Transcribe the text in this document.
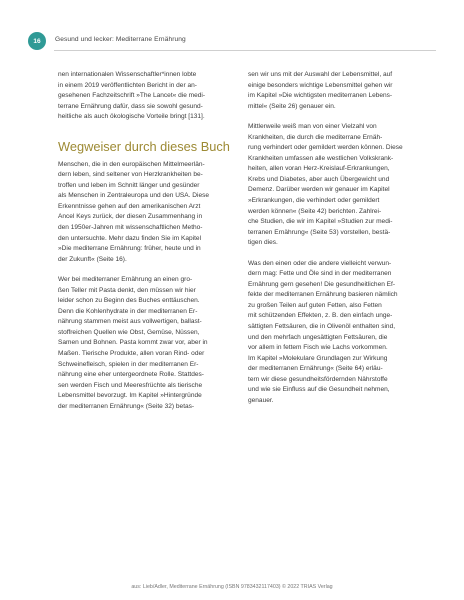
16	Gesund und lecker: Mediterrane Ernährung
nen internationalen Wissenschaftler*innen lobte
in einem 2019 veröffentlichten Bericht in der an-
gesehenen Fachzeitschrift »The Lancet« die medi-
terrane Ernährung dafür, dass sie sowohl gesund-
heitliche als auch ökologische Vorteile bringt [131].
Wegweiser durch dieses Buch
Menschen, die in den europäischen Mittelmeerlän-
dern leben, sind seltener von Herzkrankheiten be-
troffen und leben im Schnitt länger und gesünder
als Menschen in Zentraleuropa und den USA. Diese
Erkenntnisse gehen auf den amerikanischen Arzt
Ancel Keys zurück, der diesen Zusammenhang in
den 1950er-Jahren mit wissenschaftlichen Metho-
den untersuchte. Mehr dazu finden Sie im Kapitel
»Die mediterrane Ernährung: früher, heute und in
der Zukunft« (Seite 16).
Wer bei mediterraner Ernährung an einen gro-
ßen Teller mit Pasta denkt, den müssen wir hier
leider schon zu Beginn des Buches enttäuschen.
Denn die Kohlenhydrate in der mediterranen Er-
nährung stammen meist aus vollwertigen, ballast-
stoffreichen Quellen wie Obst, Gemüse, Nüssen,
Samen und Bohnen. Pasta kommt zwar vor, aber in
Maßen. Tierische Produkte, allen voran Rind- oder
Schweinefleisch, spielen in der mediterranen Er-
nährung eine eher untergeordnete Rolle. Stattdes-
sen werden Fisch und Meeresfrüchte als tierische
Lebensmittel bevorzugt. Im Kapitel »Hintergründe
der mediterranen Ernährung« (Seite 32) betas-
sen wir uns mit der Auswahl der Lebensmittel, auf
einige besonders wichtige Lebensmittel gehen wir
im Kapitel »Die wichtigsten mediterranen Lebens-
mittel« (Seite 26) genauer ein.
Mittlerweile weiß man von einer Vielzahl von
Krankheiten, die durch die mediterrane Ernäh-
rung verhindert oder gemildert werden können. Diese
Krankheiten umfassen alle westlichen Volkskrank-
heiten, allen voran Herz-Kreislauf-Erkrankungen,
Krebs und Diabetes, aber auch Übergewicht und
Demenz. Darüber werden wir genauer im Kapitel
»Erkrankungen, die verhindert oder gemildert
werden können« (Seite 42) berichten. Zahlrei-
che Studien, die wir im Kapitel »Studien zur medi-
terranen Ernährung« (Seite 53) vorstellen, bestä-
tigen dies.
Was den einen oder die andere vielleicht verwun-
dern mag: Fette und Öle sind in der mediterranen
Ernährung gern gesehen! Die gesundheitlichen Ef-
fekte der mediterranen Ernährung basieren nämlich
zu großen Teilen auf guten Fetten, also Fetten
mit schützenden Effekten, z. B. den einfach unge-
sättigten Fettsäuren, die in Olivenöl enthalten sind,
und den mehrfach ungesättigten Fettsäuren, die
vor allem in fettem Fisch wie Lachs vorkommen.
Im Kapitel »Molekulare Grundlagen zur Wirkung
der mediterranen Ernährung« (Seite 64) erläu-
tern wir diese gesundheitsfördernden Nährstoffe
und wie sie Einfluss auf die Gesundheit nehmen,
genauer.
aus: Lieb/Adler, Mediterrane Ernährung (ISBN 9783432117403) © 2022 TRIAS Verlag
